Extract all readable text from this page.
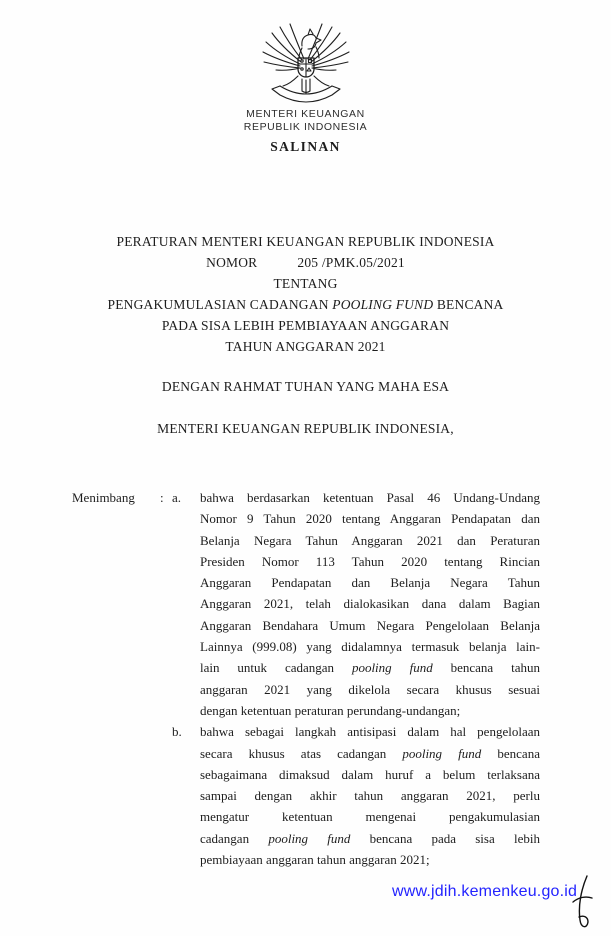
MENTERI KEUANGAN
REPUBLIK INDONESIA
SALINAN
PERATURAN MENTERI KEUANGAN REPUBLIK INDONESIA
NOMOR	205 /PMK.05/2021
TENTANG
PENGAKUMULASIAN CADANGAN POOLING FUND BENCANA
PADA SISA LEBIH PEMBIAYAAN ANGGARAN
TAHUN ANGGARAN 2021
DENGAN RAHMAT TUHAN YANG MAHA ESA
MENTERI KEUANGAN REPUBLIK INDONESIA,
Menimbang	: a.	bahwa berdasarkan ketentuan Pasal 46 Undang-Undang
Nomor 9 Tahun 2020 tentang Anggaran Pendapatan dan
Belanja Negara Tahun Anggaran 2021 dan Peraturan
Presiden Nomor 113 Tahun 2020 tentang Rincian
Anggaran Pendapatan dan Belanja Negara Tahun
Anggaran 2021, telah dialokasikan dana dalam Bagian
Anggaran Bendahara Umum Negara Pengelolaan Belanja
Lainnya (999.08) yang didalamnya termasuk belanja lain-
lain untuk cadangan pooling fund bencana tahun
anggaran 2021 yang dikelola secara khusus sesuai
dengan ketentuan peraturan perundang-undangan;
b.	bahwa sebagai langkah antisipasi dalam hal pengelolaan
secara khusus atas cadangan pooling fund bencana
sebagaimana dimaksud dalam huruf a belum terlaksana
sampai dengan akhir tahun anggaran 2021, perlu
mengatur ketentuan mengenai pengakumulasian
cadangan pooling fund bencana pada sisa lebih
pembiayaan anggaran tahun anggaran 2021;
www.jdih.kemenkeu.go.id
